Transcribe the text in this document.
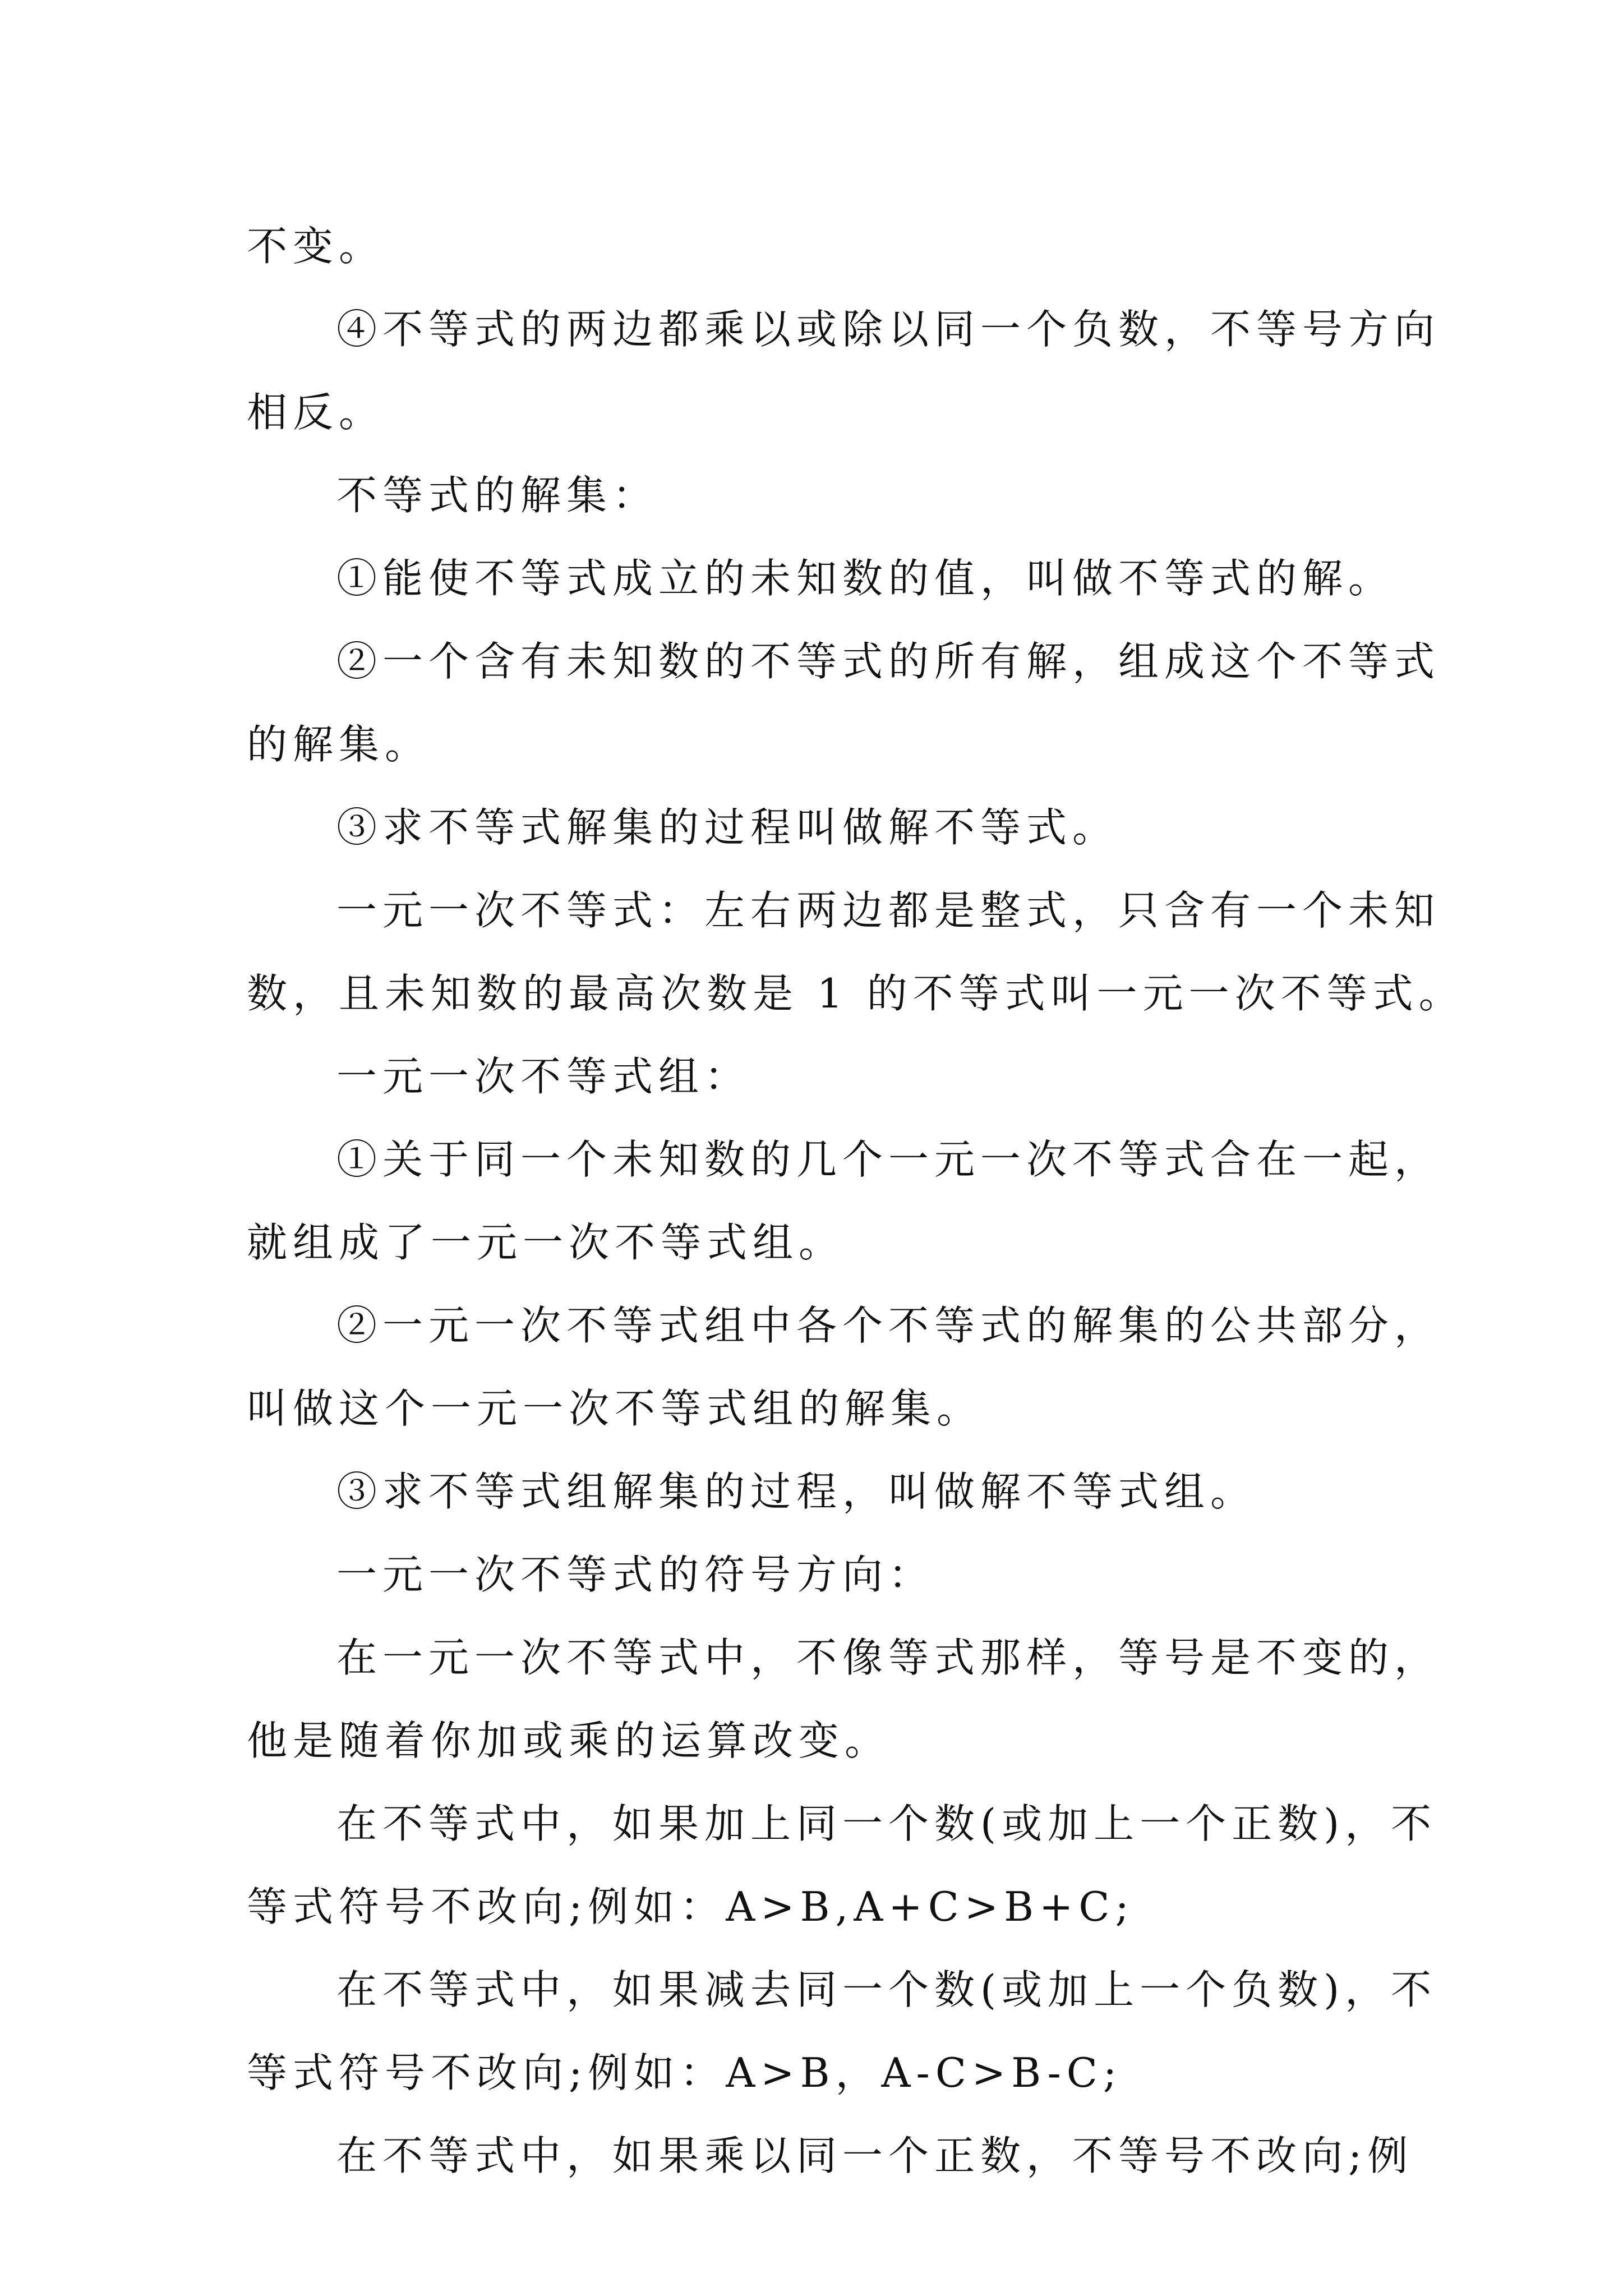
不变。
④不等式的两边都乘以或除以同一个负数，不等号方向
相反。
不等式的解集：
①能使不等式成立的未知数的值，叫做不等式的解。
②一个含有未知数的不等式的所有解，组成这个不等式
的解集。
③求不等式解集的过程叫做解不等式。
一元一次不等式：左右两边都是整式，只含有一个未知
数，且未知数的最高次数是 1 的不等式叫一元一次不等式。
一元一次不等式组：
①关于同一个未知数的几个一元一次不等式合在一起，
就组成了一元一次不等式组。
②一元一次不等式组中各个不等式的解集的公共部分，
叫做这个一元一次不等式组的解集。
③求不等式组解集的过程，叫做解不等式组。
一元一次不等式的符号方向：
在一元一次不等式中，不像等式那样，等号是不变的，
他是随着你加或乘的运算改变。
在不等式中，如果加上同一个数(或加上一个正数)，不
等式符号不改向;例如：A>B,A+C>B+C;
在不等式中，如果减去同一个数(或加上一个负数)，不
等式符号不改向;例如：A>B，A-C>B-C;
在不等式中，如果乘以同一个正数，不等号不改向;例
